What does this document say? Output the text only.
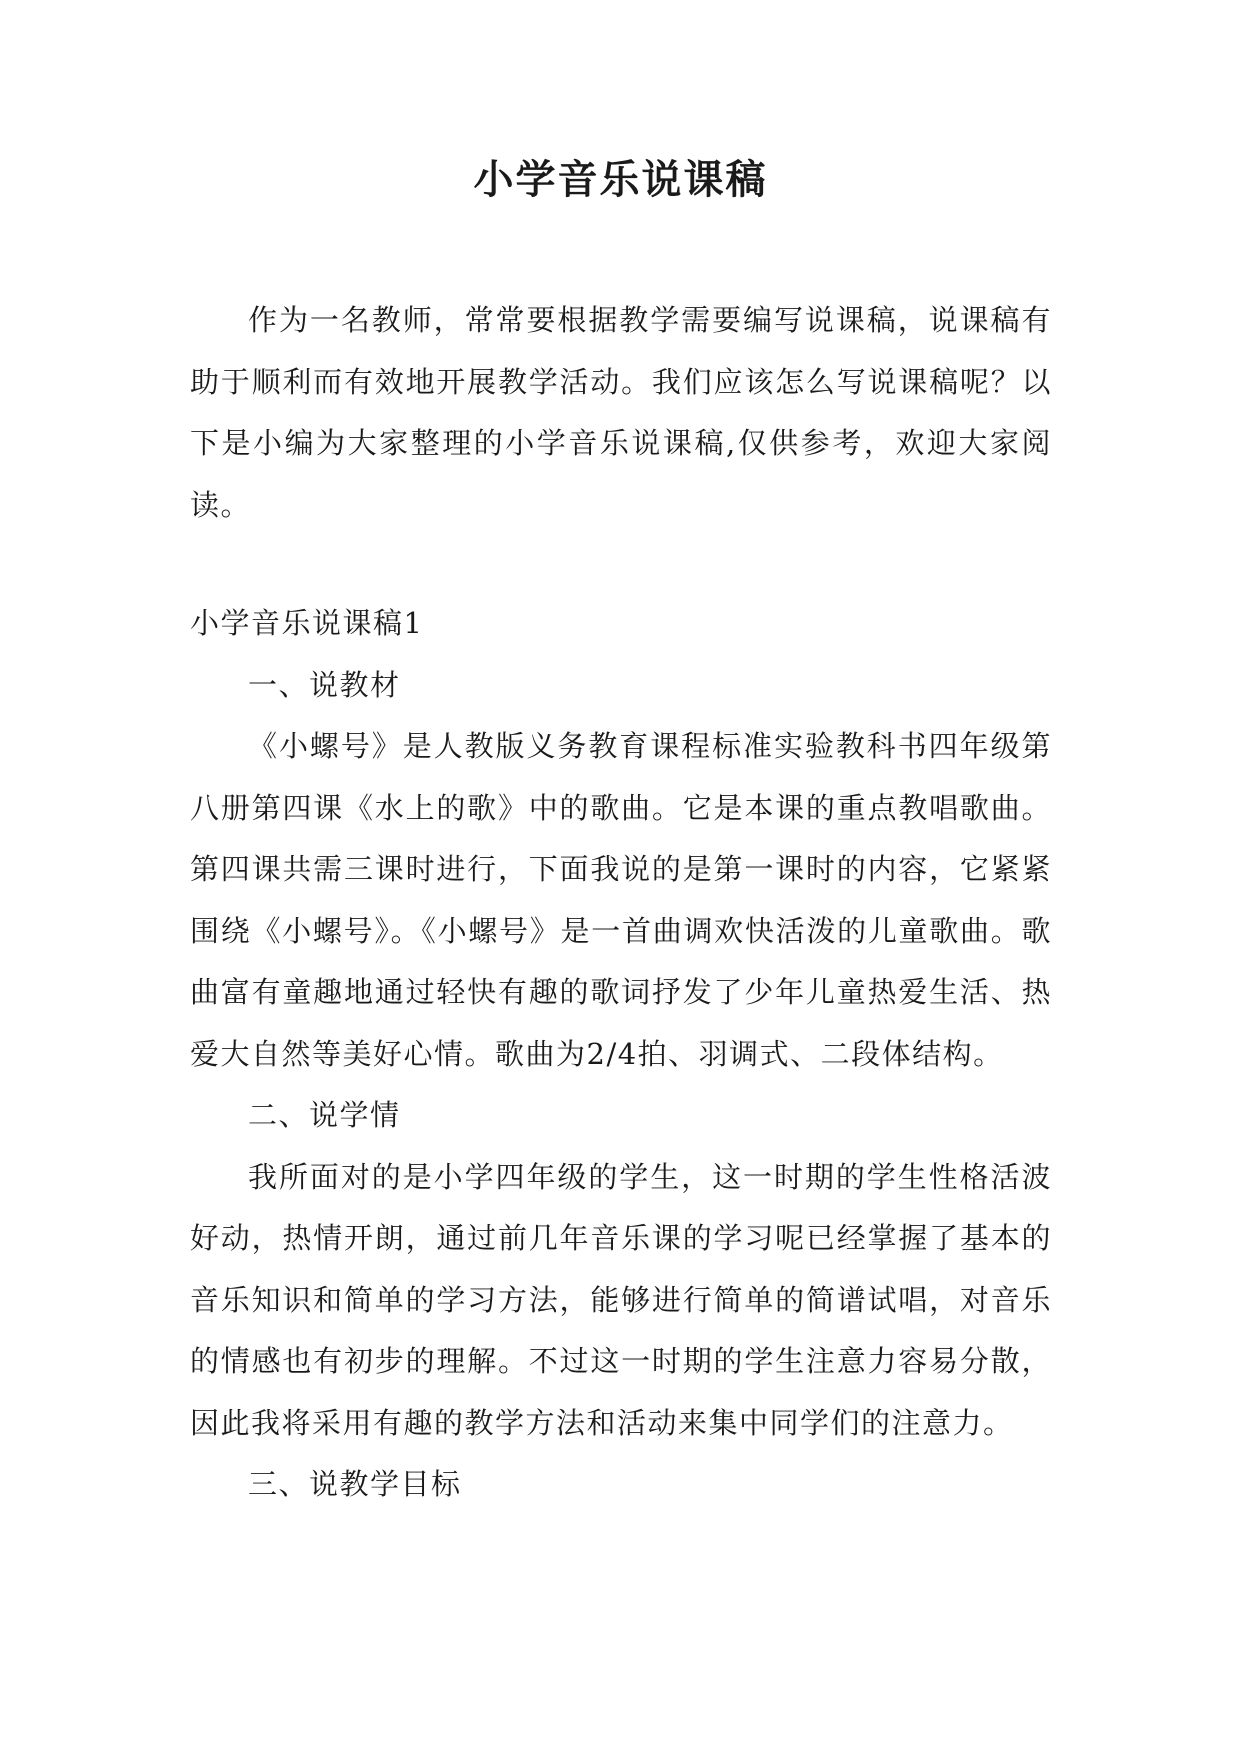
小学音乐说课稿

作为一名教师，常常要根据教学需要编写说课稿，说课稿有助于顺利而有效地开展教学活动。我们应该怎么写说课稿呢？以下是小编为大家整理的小学音乐说课稿,仅供参考，欢迎大家阅读。

小学音乐说课稿1

一、说教材

《小螺号》是人教版义务教育课程标准实验教科书四年级第八册第四课《水上的歌》中的歌曲。它是本课的重点教唱歌曲。第四课共需三课时进行，下面我说的是第一课时的内容，它紧紧围绕《小螺号》。《小螺号》是一首曲调欢快活泼的儿童歌曲。歌曲富有童趣地通过轻快有趣的歌词抒发了少年儿童热爱生活、热爱大自然等美好心情。歌曲为2/4拍、羽调式、二段体结构。

二、说学情

我所面对的是小学四年级的学生，这一时期的学生性格活波好动，热情开朗，通过前几年音乐课的学习呢已经掌握了基本的音乐知识和简单的学习方法，能够进行简单的简谱试唱，对音乐的情感也有初步的理解。不过这一时期的学生注意力容易分散，因此我将采用有趣的教学方法和活动来集中同学们的注意力。

三、说教学目标
